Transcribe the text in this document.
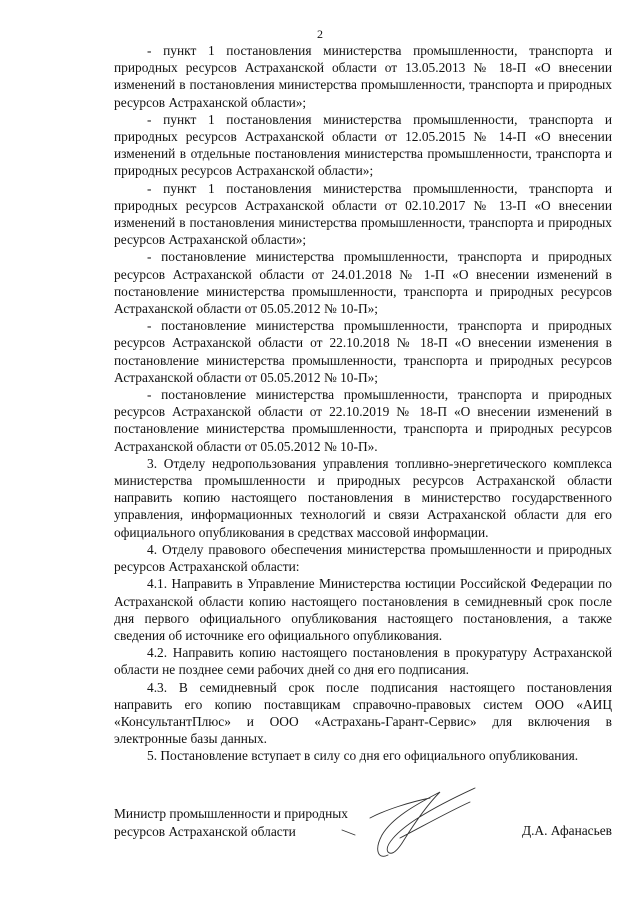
2

- пункт 1 постановления министерства промышленности, транспорта и природных ресурсов Астраханской области от 13.05.2013 № 18-П «О внесении изменений в постановления министерства промышленности, транспорта и природных ресурсов Астраханской области»;

- пункт 1 постановления министерства промышленности, транспорта и природных ресурсов Астраханской области от 12.05.2015 № 14-П «О внесении изменений в отдельные постановления министерства промышленности, транспорта и природных ресурсов Астраханской области»;

- пункт 1 постановления министерства промышленности, транспорта и природных ресурсов Астраханской области от 02.10.2017 № 13-П «О внесении изменений в постановления министерства промышленности, транспорта и природных ресурсов Астраханской области»;

- постановление министерства промышленности, транспорта и природных ресурсов Астраханской области от 24.01.2018 № 1-П «О внесении изменений в постановление министерства промышленности, транспорта и природных ресурсов Астраханской области от 05.05.2012 № 10-П»;

- постановление министерства промышленности, транспорта и природных ресурсов Астраханской области от 22.10.2018 № 18-П «О внесении изменения в постановление министерства промышленности, транспорта и природных ресурсов Астраханской области от 05.05.2012 № 10-П»;

- постановление министерства промышленности, транспорта и природных ресурсов Астраханской области от 22.10.2019 № 18-П «О внесении изменений в постановление министерства промышленности, транспорта и природных ресурсов Астраханской области от 05.05.2012 № 10-П».

3. Отделу недропользования управления топливно-энергетического комплекса министерства промышленности и природных ресурсов Астраханской области направить копию настоящего постановления в министерство государственного управления, информационных технологий и связи Астраханской области для его официального опубликования в средствах массовой информации.

4. Отделу правового обеспечения министерства промышленности и природных ресурсов Астраханской области:

4.1. Направить в Управление Министерства юстиции Российской Федерации по Астраханской области копию настоящего постановления в семидневный срок после дня первого официального опубликования настоящего постановления, а также сведения об источнике его официального опубликования.

4.2. Направить копию настоящего постановления в прокуратуру Астраханской области не позднее семи рабочих дней со дня его подписания.

4.3. В семидневный срок после подписания настоящего постановления направить его копию поставщикам справочно-правовых систем ООО «АИЦ «КонсультантПлюс» и ООО «Астрахань-Гарант-Сервис» для включения в электронные базы данных.

5. Постановление вступает в силу со дня его официального опубликования.

Министр промышленности и природных
ресурсов Астраханской области	Д.А. Афанасьев
